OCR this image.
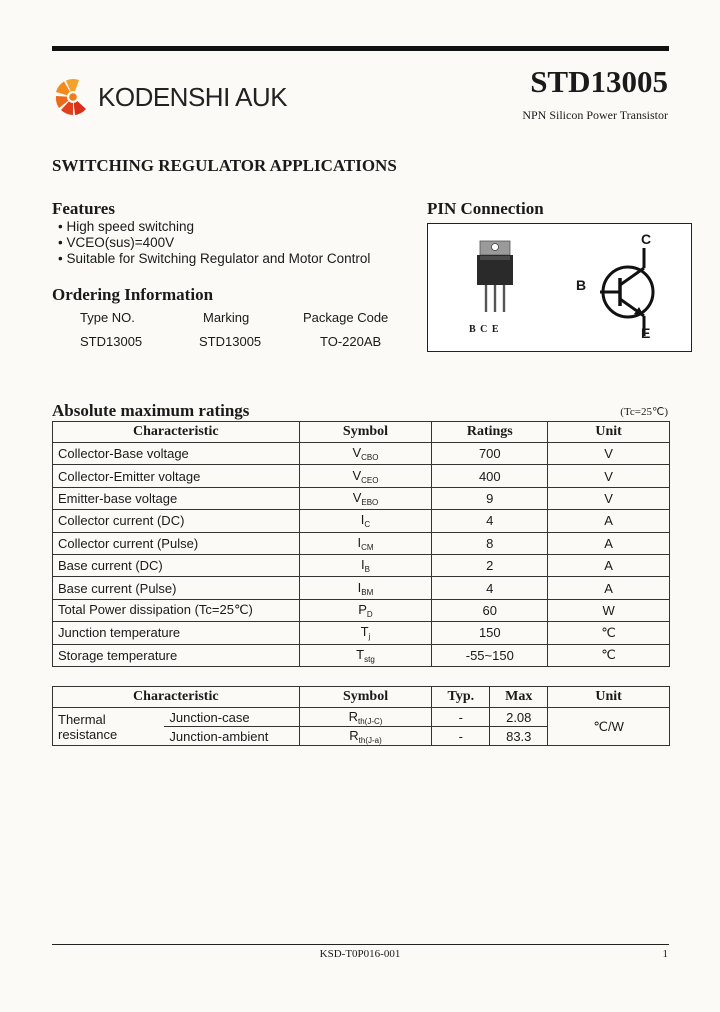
KODENSHI AUK	STD13005
NPN Silicon Power Transistor
SWITCHING REGULATOR APPLICATIONS
Features
• High speed switching
• VCEO(sus)=400V
• Suitable for Switching Regulator and Motor Control
Ordering Information
Type NO.	Marking	Package Code
STD13005	STD13005	TO-220AB
PIN Connection
B C E
C
B
E
Absolute maximum ratings	(Tc=25℃)
Characteristic	Symbol	Ratings	Unit
Collector-Base voltage	$V_{CBO}$	700	V
Collector-Emitter voltage	$V_{CEO}$	400	V
Emitter-base voltage	$V_{EBO}$	9	V
Collector current (DC)	$I_C$	4	A
Collector current (Pulse)	$I_{CM}$	8	A
Base current (DC)	$I_B$	2	A
Base current (Pulse)	$I_{BM}$	4	A
Total Power dissipation (Tc=25℃)	$P_D$	60	W
Junction temperature	$T_j$	150	℃
Storage temperature	$T_{stg}$	-55~150	℃
Characteristic		Symbol	Typ.	Max	Unit
Thermal resistance	Junction-case	$R_{th(J-C)}$	-	2.08	℃/W
	Junction-ambient	$R_{th(J-a)}$	-	83.3	
KSD-T0P016-001	1
